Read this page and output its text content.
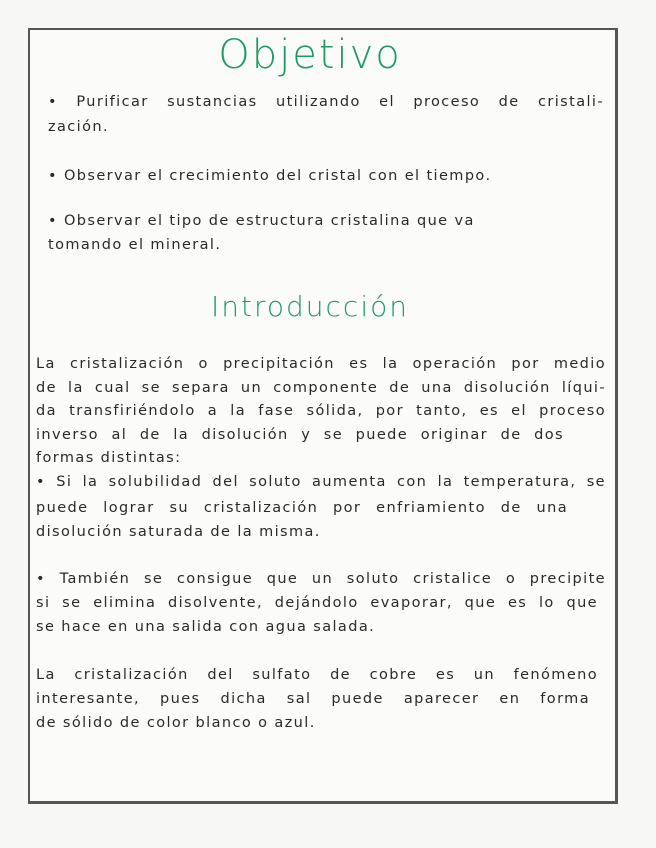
Objetivo
• Purificar sustancias utilizando el proceso de cristali-
zación.
• Observar el crecimiento del cristal con el tiempo.
• Observar el tipo de estructura cristalina que va
tomando el mineral.
Introducción
La cristalización o precipitación es la operación por medio
de la cual se separa un componente de una disolución líqui-
da transfiriéndolo a la fase sólida, por tanto, es el proceso
inverso al de la disolución y se puede originar de dos
formas distintas:
• Si la solubilidad del soluto aumenta con la temperatura, se
puede lograr su cristalización por enfriamiento de una
disolución saturada de la misma.
• También se consigue que un soluto cristalice o precipite
si se elimina disolvente, dejándolo evaporar, que es lo que
se hace en una salida con agua salada.
La cristalización del sulfato de cobre es un fenómeno
interesante, pues dicha sal puede aparecer en forma
de sólido de color blanco o azul.
